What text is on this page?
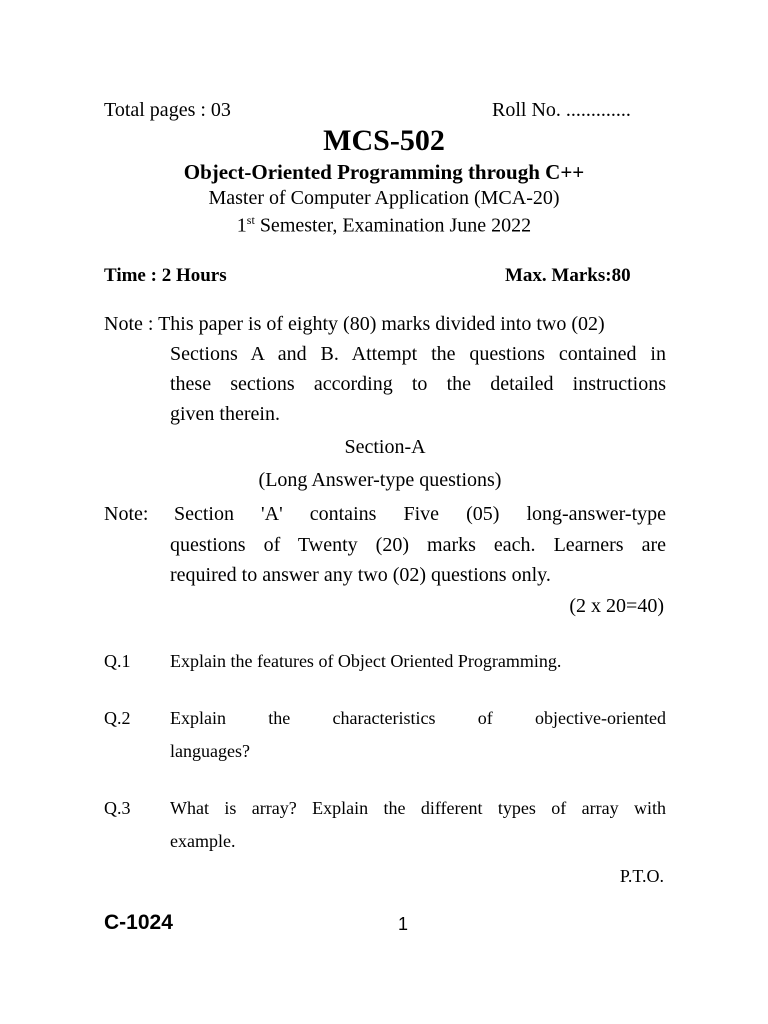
Total pages : 03	Roll No. .............
MCS-502
Object-Oriented Programming through C++
Master of Computer Application (MCA-20)
1st Semester, Examination June 2022
Time : 2 Hours	Max. Marks:80
Note : This paper is of eighty (80) marks divided into two (02)
Sections A and B. Attempt the questions contained in
these sections according to the detailed instructions
given therein.
Section-A
(Long Answer-type questions)
Note: Section 'A' contains Five (05) long-answer-type
questions of Twenty (20) marks each. Learners are
required to answer any two (02) questions only.
(2 x 20=40)
Q.1 Explain the features of Object Oriented Programming.
Q.2 Explain the characteristics of objective-oriented
languages?
Q.3 What is array? Explain the different types of array with
example.
P.T.O.
C-1024	1
